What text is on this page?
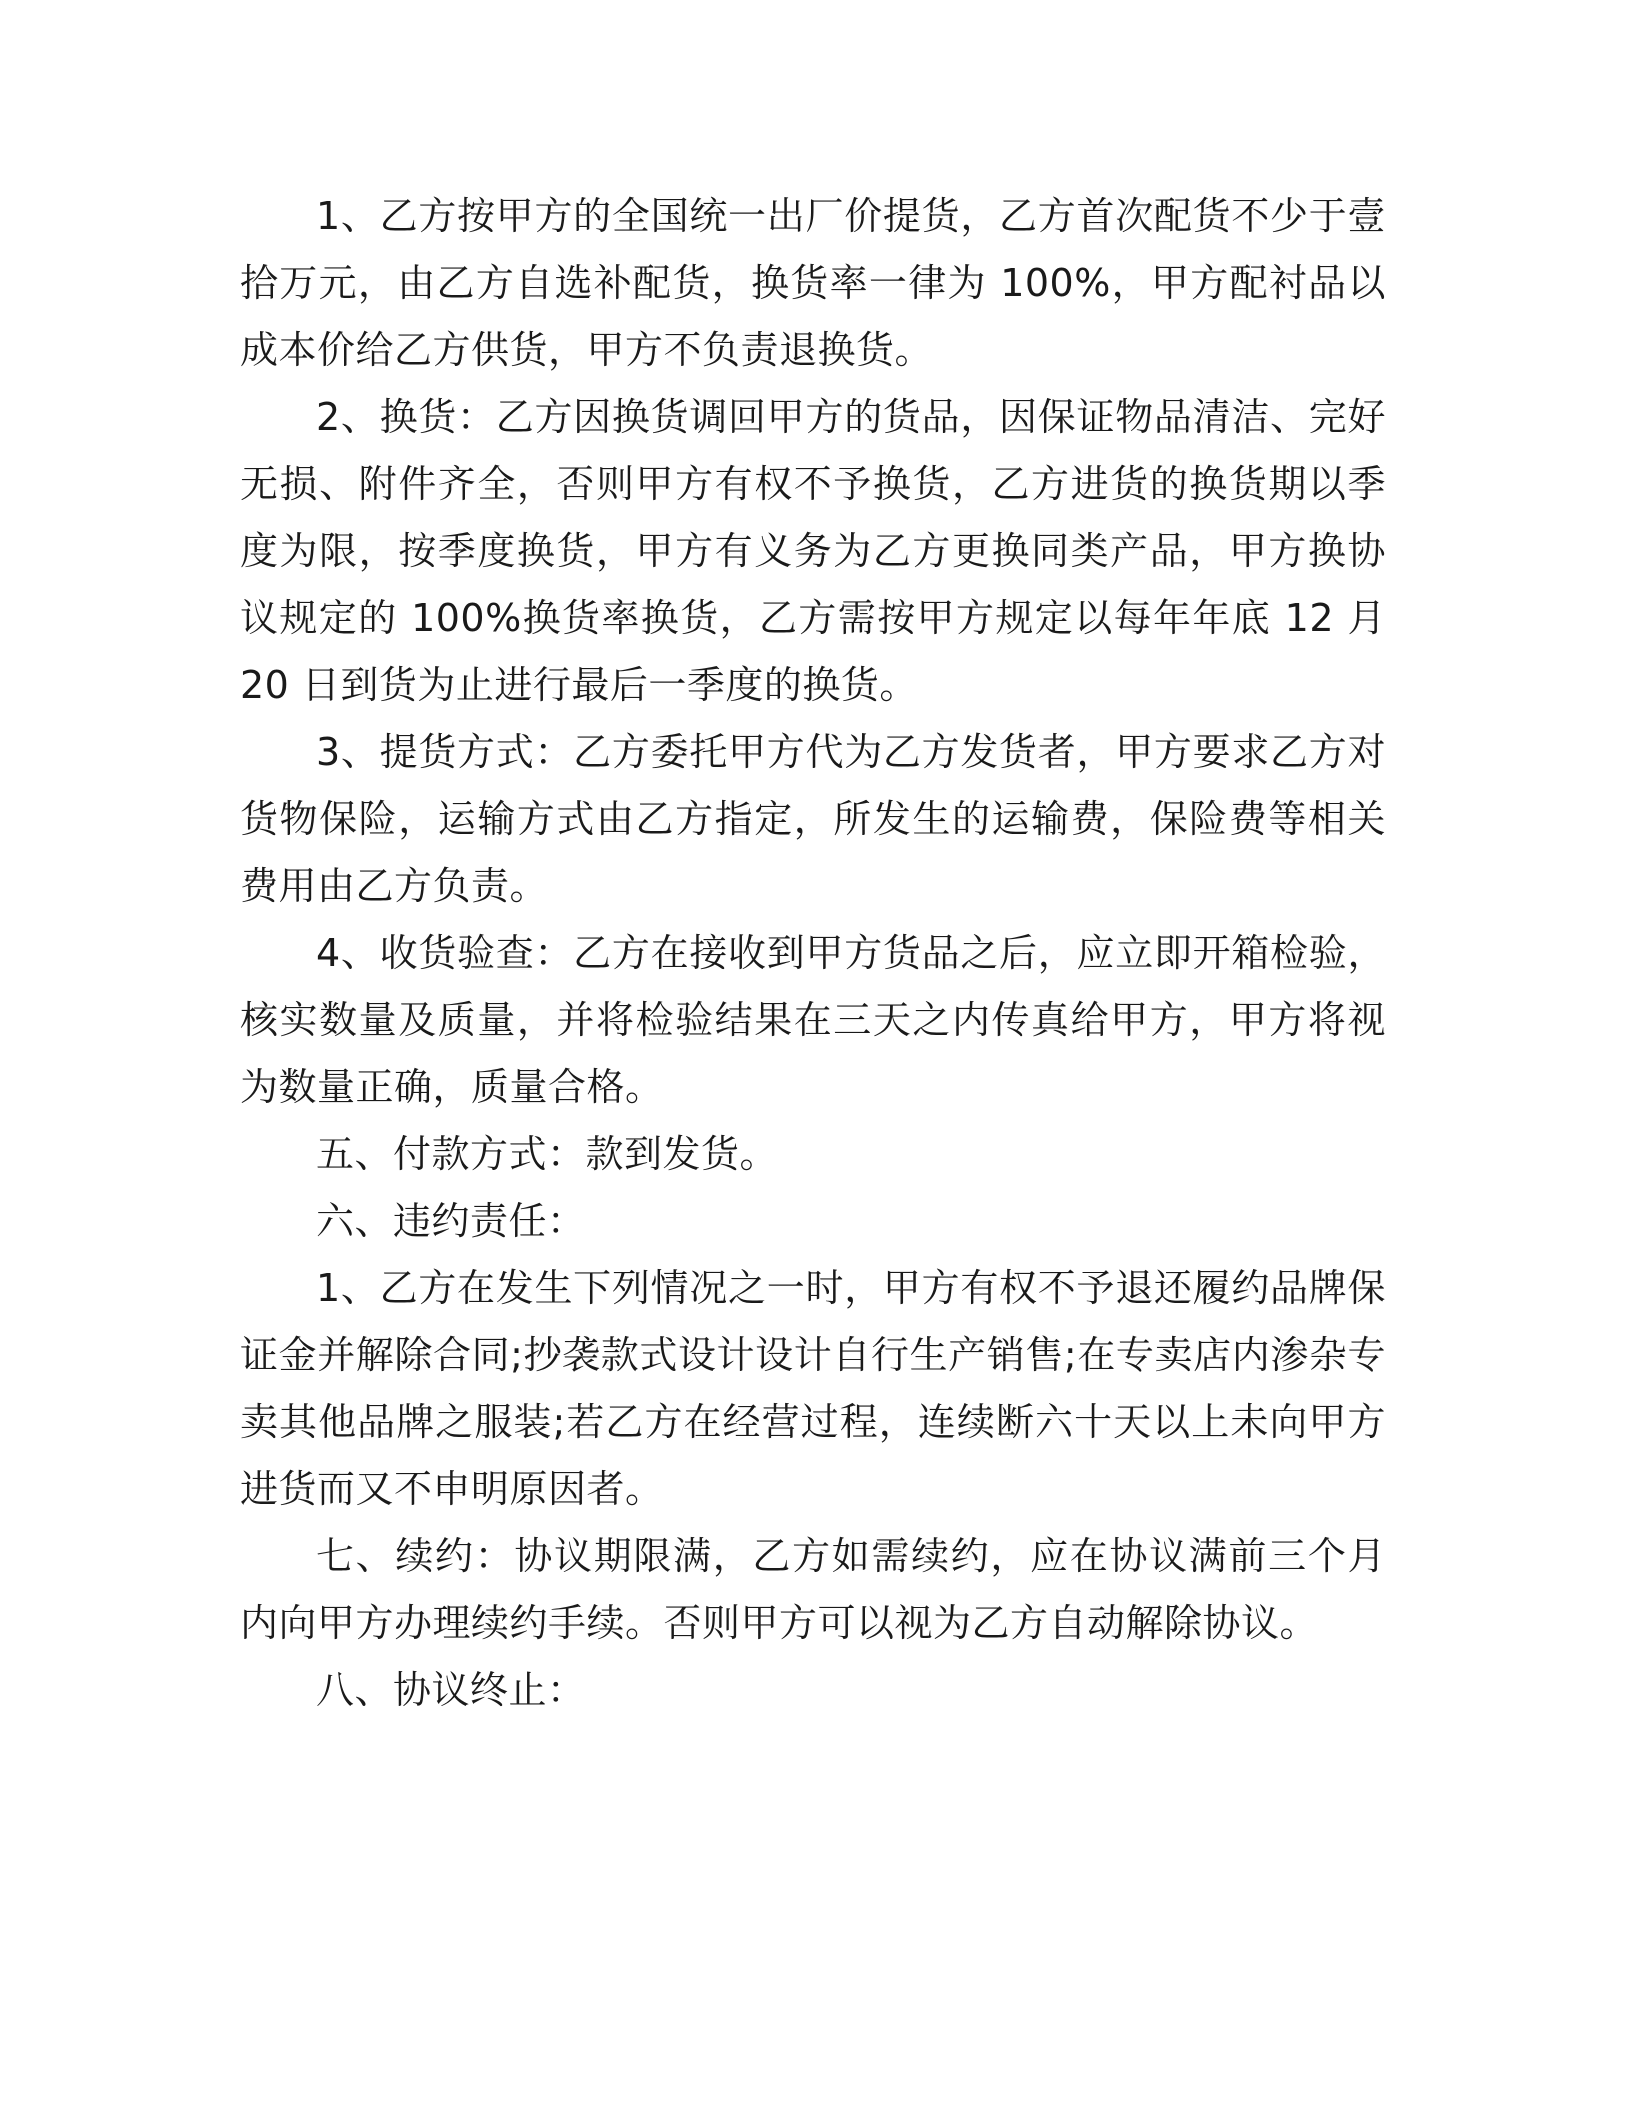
1、乙方按甲方的全国统一出厂价提货，乙方首次配货不少于壹拾万元，由乙方自选补配货，换货率一律为 100%，甲方配衬品以成本价给乙方供货，甲方不负责退换货。

2、换货：乙方因换货调回甲方的货品，因保证物品清洁、完好无损、附件齐全，否则甲方有权不予换货，乙方进货的换货期以季度为限，按季度换货，甲方有义务为乙方更换同类产品，甲方换协议规定的 100%换货率换货，乙方需按甲方规定以每年年底 12 月 20 日到货为止进行最后一季度的换货。

3、提货方式：乙方委托甲方代为乙方发货者，甲方要求乙方对货物保险，运输方式由乙方指定，所发生的运输费，保险费等相关费用由乙方负责。

4、收货验查：乙方在接收到甲方货品之后，应立即开箱检验，核实数量及质量，并将检验结果在三天之内传真给甲方，甲方将视为数量正确，质量合格。

五、付款方式：款到发货。

六、违约责任：

1、乙方在发生下列情况之一时，甲方有权不予退还履约品牌保证金并解除合同;抄袭款式设计设计自行生产销售;在专卖店内渗杂专卖其他品牌之服装;若乙方在经营过程，连续断六十天以上未向甲方进货而又不申明原因者。

七、续约：协议期限满，乙方如需续约，应在协议满前三个月内向甲方办理续约手续。否则甲方可以视为乙方自动解除协议。

八、协议终止：
